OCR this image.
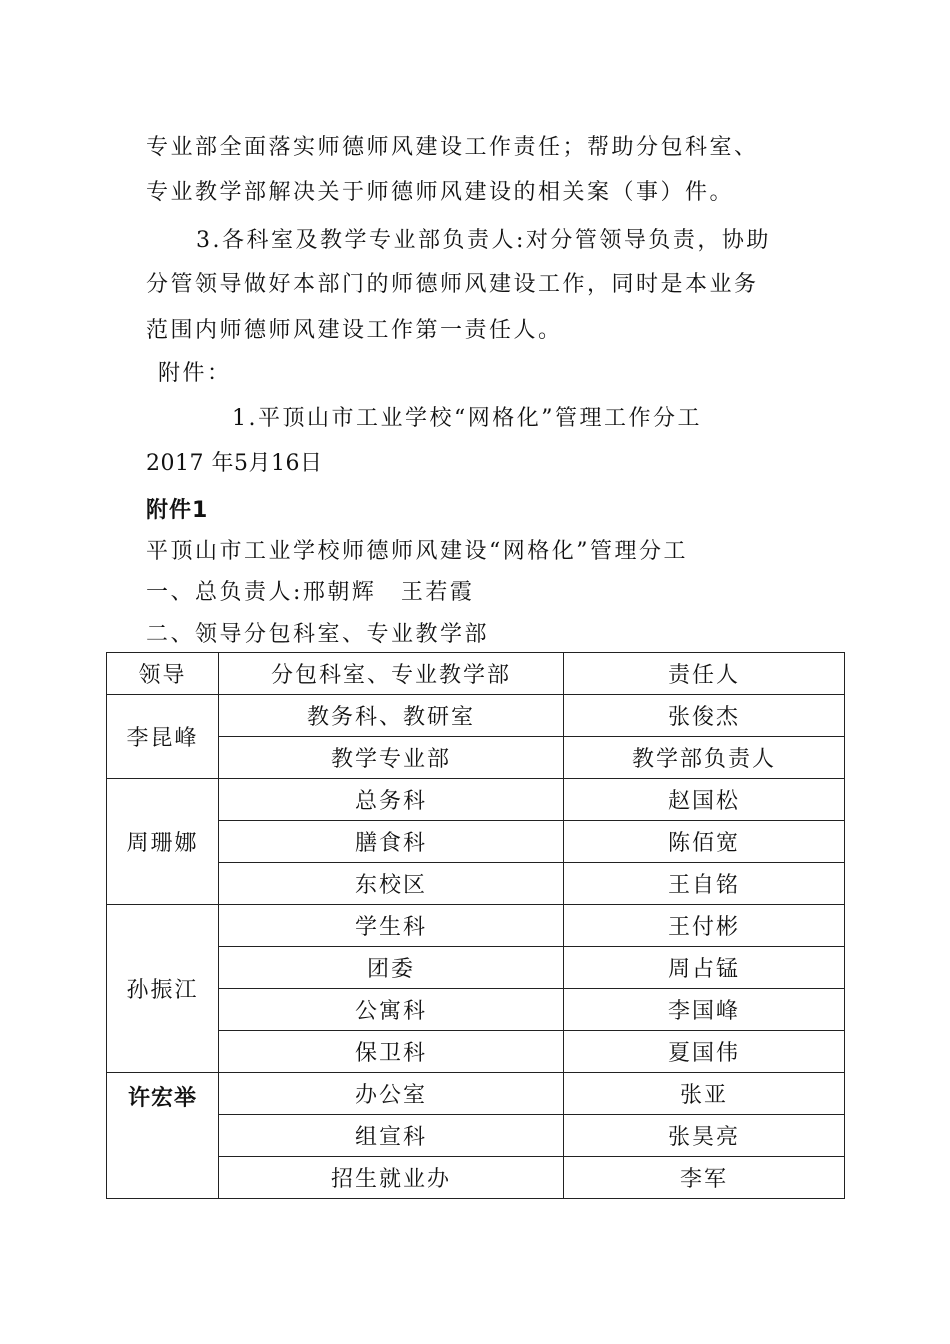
专业部全面落实师德师风建设工作责任；帮助分包科室、
专业教学部解决关于师德师风建设的相关案（事）件。
3.各科室及教学专业部负责人:对分管领导负责，协助
分管领导做好本部门的师德师风建设工作，同时是本业务
范围内师德师风建设工作第一责任人。
附件：
1.平顶山市工业学校“网格化”管理工作分工
2017 年5月16日
附件1
平顶山市工业学校师德师风建设“网格化”管理分工
一、总负责人:邢朝辉　王若霞
二、领导分包科室、专业教学部
领导	分包科室、专业教学部	责任人
李昆峰	教务科、教研室	张俊杰
	教学专业部	教学部负责人
周珊娜	总务科	赵国松
	膳食科	陈佰宽
	东校区	王自铭
孙振江	学生科	王付彬
	团委	周占锰
	公寓科	李国峰
	保卫科	夏国伟
许宏举	办公室	张亚
	组宣科	张昊亮
	招生就业办	李军
